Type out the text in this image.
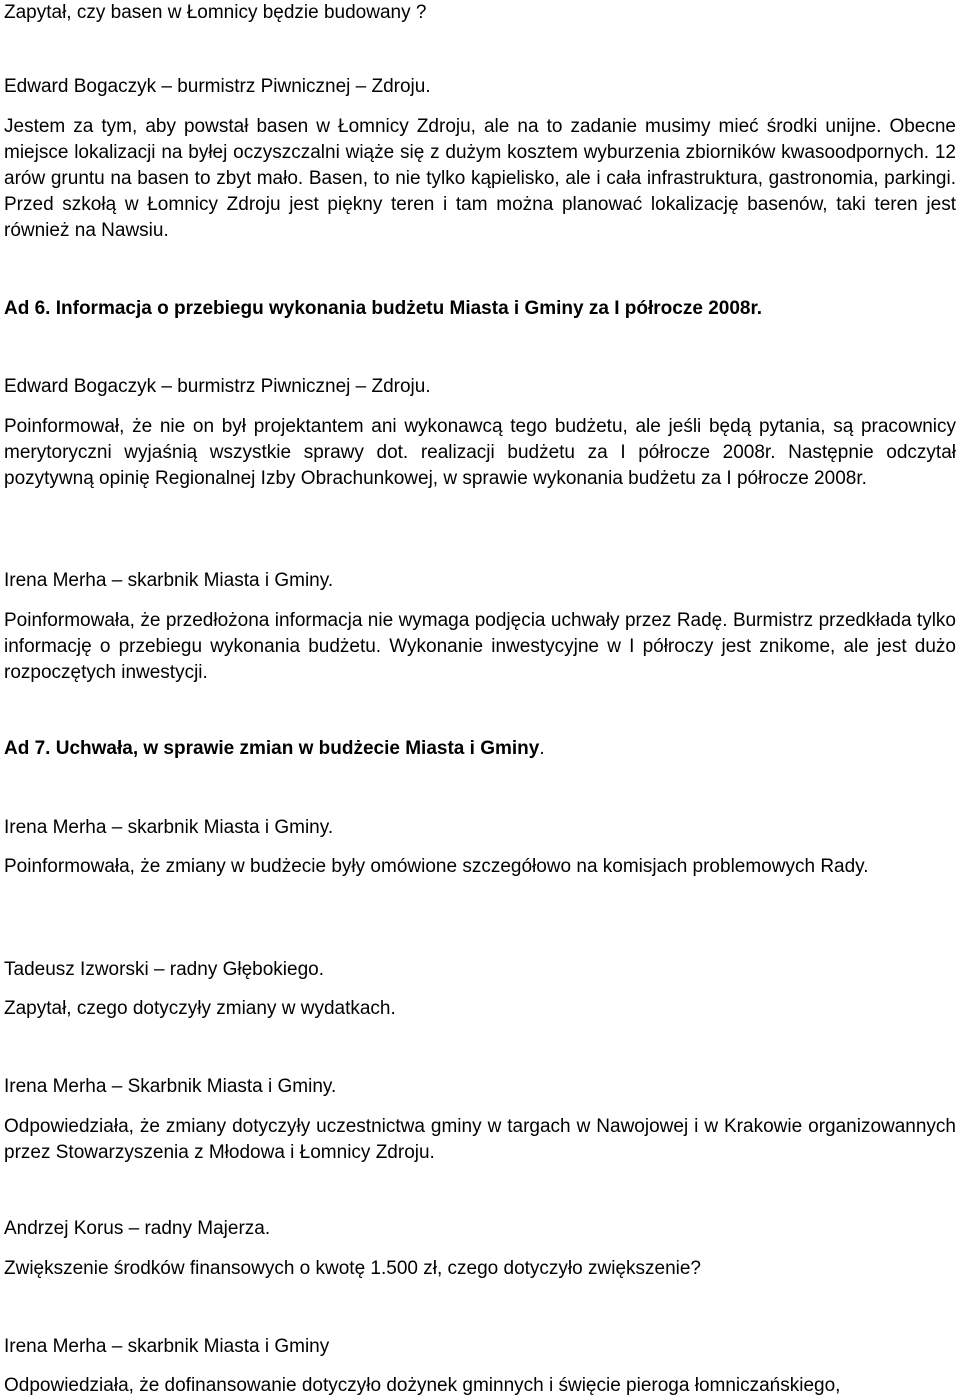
Zapytał, czy basen w Łomnicy będzie budowany ?

Edward Bogaczyk – burmistrz Piwnicznej – Zdroju.

Jestem za tym, aby powstał basen w Łomnicy Zdroju, ale na to zadanie musimy mieć środki unijne. Obecne miejsce lokalizacji na byłej oczyszczalni wiąże się z dużym kosztem wyburzenia zbiorników kwasoodpornych. 12 arów gruntu na basen to zbyt mało. Basen, to nie tylko kąpielisko, ale i cała infrastruktura, gastronomia, parkingi. Przed szkołą w Łomnicy Zdroju jest piękny teren i tam można planować lokalizację basenów, taki teren jest również na Nawsiu.

Ad 6. Informacja o przebiegu wykonania budżetu Miasta i Gminy za I półrocze 2008r.

Edward Bogaczyk – burmistrz Piwnicznej – Zdroju.

Poinformował, że nie on był projektantem ani wykonawcą tego budżetu, ale jeśli będą pytania, są pracownicy merytoryczni wyjaśnią wszystkie sprawy dot. realizacji budżetu za I półrocze 2008r. Następnie odczytał pozytywną opinię Regionalnej Izby Obrachunkowej, w sprawie wykonania budżetu za I półrocze 2008r.

Irena Merha – skarbnik Miasta i Gminy.

Poinformowała, że przedłożona informacja nie wymaga podjęcia uchwały przez Radę. Burmistrz przedkłada tylko informację o przebiegu wykonania budżetu. Wykonanie inwestycyjne w I półroczy jest znikome, ale jest dużo rozpoczętych inwestycji.

Ad 7. Uchwała, w sprawie zmian w budżecie Miasta i Gminy.

Irena Merha – skarbnik Miasta i Gminy.

Poinformowała, że zmiany w budżecie były omówione szczegółowo na komisjach problemowych Rady.

Tadeusz Izworski – radny Głębokiego.

Zapytał, czego dotyczyły zmiany w wydatkach.

Irena Merha – Skarbnik Miasta i Gminy.

Odpowiedziała, że zmiany dotyczyły uczestnictwa gminy w targach w Nawojowej i w Krakowie organizowannych przez Stowarzyszenia z Młodowa i Łomnicy Zdroju.

Andrzej Korus – radny Majerza.

Zwiększenie środków finansowych o kwotę 1.500 zł, czego dotyczyło zwiększenie?

Irena Merha – skarbnik Miasta i Gminy

Odpowiedziała, że dofinansowanie dotyczyło dożynek gminnych i święcie pieroga łomniczańskiego,
